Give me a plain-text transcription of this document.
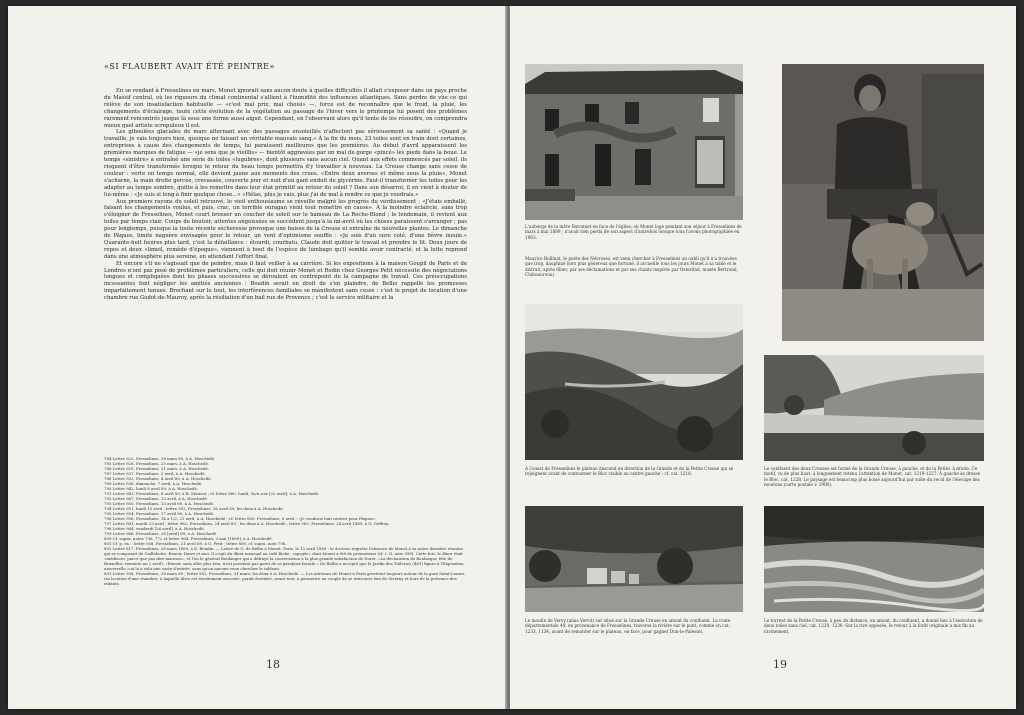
«SI FLAUBERT AVAIT ÉTÉ PEINTRE»

En se rendant à Fresselines en mars, Monet ignorait sans aucun doute à quelles difficultés il allait s'exposer dans un pays proche du Massif central, où les rigueurs du climat continental s'allient à l'humidité des influences atlantiques. Sans perdre de vue ce qui relève de son insatisfaction habituelle — «c'est mal prix, mal choisi» —, force est de reconnaître que le froid, la pluie, les changements d'éclairage, toute cette évolution de la végétation au passage de l'hiver vers le printemps lui posent des problèmes rarement rencontrés jusque là sous une forme aussi aiguë. Cependant, en l'observant alors qu'il tente de les résoudre, on comprendra mieux quel artiste scrupuleux il est.

Les giboulées glaciales de mars alternant avec des passages ensoleillés n'affectent pas sérieusement sa santé : «Quand je travaille, je vais toujours bien, quoique ne faisant un véritable mauvais sang.» À la fin du mois, 23 toiles sont en train dont certaines, entreprises à cause des changements de temps, lui paraissent meilleures que les premières. Au début d'avril apparaissent les premières marques de fatigue — «je sens que je vieillis» — bientôt aggravées par un mal de gorge «pincé» les pieds dans la boue. Le temps «sinistre» a entraîné une série de toiles «lugubres», dont plusieurs sans aucun ciel. Quant aux effets commencés par soleil, ils risquent d'être transformés lorsque le retour du beau temps permettra d'y travailler à nouveau. La Creuse change sans cesse de couleur : verte en temps normal, elle devient jaune aux moments des crues. «Entre deux averses et même sous la pluie», Monet s'acharne, la main droite gercée, crevassée, couverte jour et nuit d'un gant enduit de glycérine. Faut-il transformer les toiles pour les adapter au temps sombre, quitte à les remettre dans leur état primitif au retour du soleil ? Dans son désarroi, il en vient à douter de lui-même : «Je suis si long à finir quelque chose...» «Hélas, plus je vais, plus j'ai de mal à rendre ce que je voudrais.»

Aux premiers rayons du soleil retrouvé, le vieil enthousiasme se réveille malgré les progrès du verdissement : «J'étais emballé, faisant les changements voulus, et puis, crac, un terrible ouragan vient tout remettre en cause». À la moindre éclaircie, sans trop s'éloigner de Fresselines, Monet court brosser un coucher de soleil sur le hameau de La Roche-Blond ; le lendemain, il revient aux toiles par temps clair. Coups de boutoir, attentes angoissées se succèdent jusqu'à la mi-avril où les choses paraissent s'arranger ; pas pour longtemps, puisque la toute récente sécheresse provoque une baisse de la Creuse et entraîne de nouvelles plantes. Le dimanche de Pâques, limite naguère envisagée pour le retour, un vent d'optimisme souffle : «Je suis d'un sure coté, d'une fièvre inouïe.» Quarante-huit heures plus tard, c'est la défaillance : étourdi, courbatu, Claude doit quitter le travail et prendre le lit. Deux jours de repos et deux «limeil, remède d'époque», viennent à bout de l'espèce de lumbago qu'il semble avoir contracté, et la lutte reprend dans une atmosphère plus sereine, en attendant l'effort final.

Et encore s'il ne s'agissait que de peindre, mais il faut veiller à sa carrière. Si les expositions à la maison Goupil de Paris et de Londres n'ont pas posé de problèmes particuliers, celle qui doit réunir Monet et Rodin chez Georges Petit nécessite des négociations longues et compliquées dont les phases successives se déroulent en contrepoint de la campagne de travail. Ces préoccupations incessantes font négliger les amitiés anciennes : Boudin serait en droit de s'en plaindre, de Bellio rappelle les promesses imparfaitement tenues. Brochant sur le tout, les interférences familiales se manifestent sans cesse : c'est le projet de location d'une chambre rue Godot-de-Mauroy, après la résiliation d'un bail rue de Provence ; c'est le service militaire et la

784 Lettre 922, Fresselines, 26 mars 89, à A. Hoschedé.
785 Lettre 926, Fresselines, 25 mars, à A. Hoschedé.
786 Lettre 925, Fresselines, 31 mars, à A. Hoschedé.
787 Lettre 937, Fresselines, 2 avril, à A. Hoschedé.
788 Lettre 932, Fresselines, 4 avril 89, à A. Hoschedé.
789 Lettre 936, dimanche, 7 avril, à A. Hoschedé.
790 Lettre 942, lundi 8 avril 89, à A. Hoschedé.
791 Lettre 943, Fresselines, 8 avril 89, à B. Morisot ; cf. lettre 960, lundi, 3e/n soir [22 avril], à A. Hoschedé.
792 Lettre 947, Fresselines, 12 avril, à A. Hoschedé.
793 Lettre 950, Fresselines, 13 avril 89, à A. Hoschedé.
794 Lettre 951, lundi 15 avril ; lettre 952, Fresselines, 16 avril 89, les deux à A. Hoschedé.
795 Lettre 954, Fresselines, 17 avril 89, à A. Hoschedé.
796 Lettre 958, Fresselines, 14 à 1/2, 21 avril, à A. Hoschedé ; cf. lettre 859. Fresselines, 6 avril : «Je voudrais tant rentrer pour Pâques».
797 Lettre 961, mardi 23 avril ; lettre 962, Fresselines, 24 avril 89 ; les deux à A. Hoschedé ; lettre 963, Fresselines, 24 avril 1889, à G. Geffroy.
798 Lettre 964, vendredi [26 avril], à A. Hoschedé.
799 Lettre 966, Fresselines, 28 [avril] 89, à A. Hoschedé.
800 Cf. supra, notes 736, 772 et lettre 964, Fresselines, 3 mai [1889], à A. Hoschedé.
801 Cf. p. ex. : lettre 958, Fresselines, 21 avril 89, à G. Petit ; lettre 859, cf. supra, note 798.
802 Lettre 817, Fresselines, 28 mars 1889, à E. Boudin. — Lettre de G. de Bellio à Monet, Paris, le 12 avril 1889 : le docteur regrette l'absence de Monet à sa notre dernière réunion qui se composait de Caillebotte, Renoir, Duret et moi. Il s'agit du dîner mensuel au café Riche, «apogée» dont Monet a été de promoteurs (cf. t. II, note 398). Cette fois, le dîner était «médiocre, parce que pas dire mauvais», et l'on le général Boulanger qui a défrayé la conversation à la plus grande satisfaction de Duret. «La déclaration de Boulanger, fête de Bruxelles, remonte au 2 avril). «Renoir, sans aller plus loin, n'est pourtant pas guéri de sa paralysie faciale.» De Bellio a accepté que le Jardin des Tuileries (461) figure à l'Exposition universelle «où la a valu une carte d'entrée, sans qu'on aucune veux chercher le tableau.
803 Lettre 938, Fresselines, 28 mars 89 ; lettre 952, Fresselines, 31 mars, les deux à A. Hoschedé. — Les adresses de Monet à Paris gravitent toujours autour de la gare Saint-Lazare, via location d'une chambre, à laquelle Alice est étroitement associée, paraît destinée, avant tout, à permettre au couple de se retrouver loin de Giverny et hors de la présence des enfants.
18
L'auberge de la mère Baronnet en face de l'église, où Monet loge pendant son séjour à Fresselines de mars à mai 1889 ; n'avait rien perdu de son aspect d'autrefois lorsque tous l'avons photographiée en 1963.
Maurice Rollinat, le poète des Névroses, est venu chercher à Fresselines un oubli qu'il n'a trouvées que trop, dauphiné hors plus généreux que fortuné, il accueille tous les jours Monet à sa table et le distrait, après dîner, par ses déclamations et par ses chants inspirés par Osterlind, musée Bertrand, Châteauroux).
À l'ouest de Fresselines le plateau descend en direction de la Grande et de la Petite Creuse qui se rejoignent avant de contourner le Bloc visible au centre gauche ; cf. cat. 1218.
Le confluent des deux Creuses est formé de la Grande Creuse, à gauche, et de la Petite, à droite. Ce motif, vu de plus haut, a longuement retenu l'attention de Monet, cat. 1219-1227. À gauche se dresse le Bloc, cat. 1228. Le paysage est beaucoup plus boisé aujourd'hui par suite du recul de l'élevage des moutons (carte postale v. 1900).
Le moulin de Vervy (alias Vervit) sur situé sur la Grande Creuse en amont du confluent. La route départementale 44, en provenance de Fresselines, traverse la rivière sur le pont, comme on cat. 1233, 1134, avant de remonter sur le plateau, en face, pour gagner Dun-le-Palestel.
Le torrent de la Petite Creuse, à peu de distance, en amont, du confluent, a donné lieu à l'exécution de deux toiles sans ciel, cat. 1229, 1230. Sur la rive opposée, le retour à la forêt originale a mis fin au ravinement.
19
